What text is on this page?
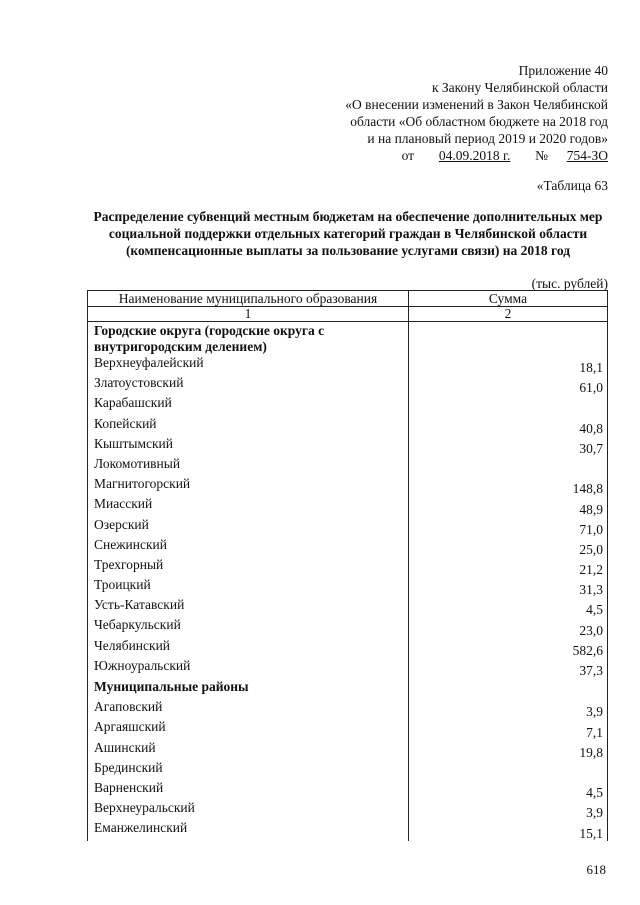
Приложение 40
к Закону Челябинской области
«О внесении изменений в Закон Челябинской
области «Об областном бюджете на 2018 год
и на плановый период 2019 и 2020 годов»
от 04.09.2018 г. № 754-ЗО
«Таблица 63
Распределение субвенций местным бюджетам на обеспечение дополнительных мер социальной поддержки отдельных категорий граждан в Челябинской области (компенсационные выплаты за пользование услугами связи) на 2018 год
(тыс. рублей)
Наименование муниципального образования	Сумма
1	2
Городские округа (городские округа с внутригородским делением)	
Верхнеуфалейский	18,1
Златоустовский	61,0
Карабашский	
Копейский	40,8
Кыштымский	30,7
Локомотивный	
Магнитогорский	148,8
Миасский	48,9
Озерский	71,0
Снежинский	25,0
Трехгорный	21,2
Троицкий	31,3
Усть-Катавский	4,5
Чебаркульский	23,0
Челябинский	582,6
Южноуральский	37,3
Муниципальные районы	
Агаповский	3,9
Аргаяшский	7,1
Ашинский	19,8
Брединский	
Варненский	4,5
Верхнеуральский	3,9
Еманжелинский	15,1
618
